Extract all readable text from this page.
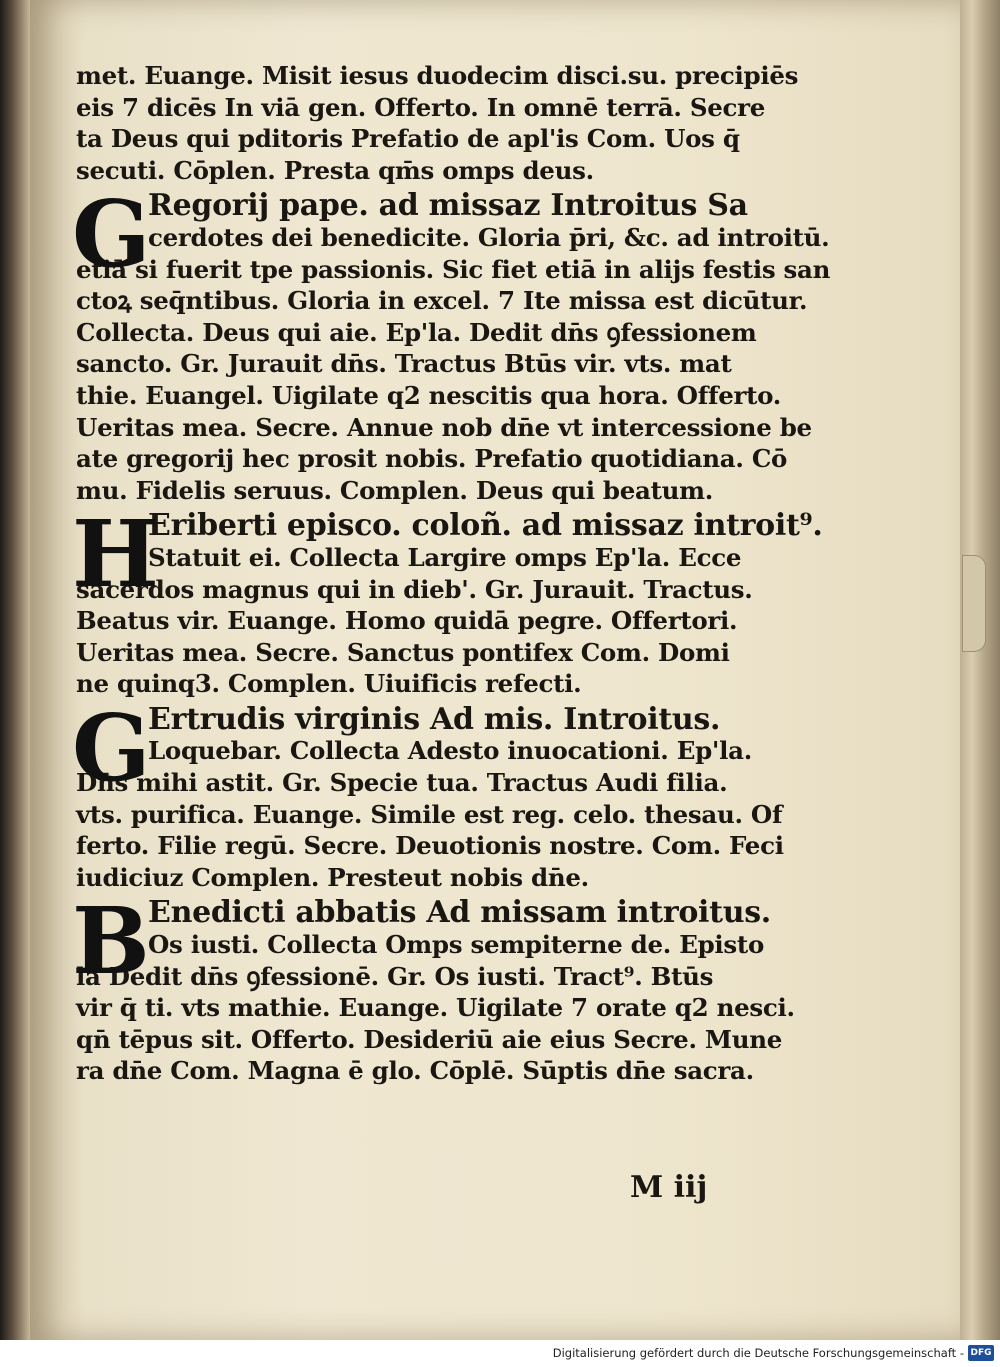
met. Euange. Misit iesus duodecim disci.su. precipiēs
eis 7 dicēs In viā gen. Offerto. In omnē terrā. Secre
ta Deus qui pditoris Prefatio de apl'is Com. Uos q̄
secuti. Cōplen. Presta qm̄s omps deus.
G
Regorij pape. ad missaz Introitus Sa
cerdotes dei benedicite. Gloria p̄ri, &c. ad introitū.
etiā si fuerit tpe passionis. Sic fiet etiā in alijs festis san
ctoꝝ seq̄ntibus. Gloria in excel. 7 Ite missa est dicūtur.
Collecta. Deus qui aie. Ep'la. Dedit dn̄s ꝯfessionem
sancto. Gr. Jurauit dn̄s. Tractus Btūs vir. vts. mat
thie. Euangel. Uigilate q2 nescitis qua hora. Offerto.
Ueritas mea. Secre. Annue nob dn̄e vt intercessione be
ate gregorij hec prosit nobis. Prefatio quotidiana. Cō
mu. Fidelis seruus. Complen. Deus qui beatum.
H
Eriberti episco. coloñ. ad missaz introit⁹.
Statuit ei. Collecta Largire omps Ep'la. Ecce
sacerdos magnus qui in dieb'. Gr. Jurauit. Tractus.
Beatus vir. Euange. Homo quidā pegre. Offertori.
Ueritas mea. Secre. Sanctus pontifex Com. Domi
ne quinq3. Complen. Uiuificis refecti.
G
Ertrudis virginis Ad mis. Introitus.
Loquebar. Collecta Adesto inuocationi. Ep'la.
Dn̄s mihi astit. Gr. Specie tua. Tractus Audi filia.
vts. purifica. Euange. Simile est reg. celo. thesau. Of
ferto. Filie regū. Secre. Deuotionis nostre. Com. Feci
iudiciuz Complen. Presteut nobis dn̄e.
B
Enedicti abbatis Ad missam introitus.
Os iusti. Collecta Omps sempiterne de. Episto
la Dedit dn̄s ꝯfessionē. Gr. Os iusti. Tract⁹. Btūs
vir q̄ ti. vts mathie. Euange. Uigilate 7 orate q2 nesci.
qn̄ tēpus sit. Offerto. Desideriū aie eius Secre. Mune
ra dn̄e Com. Magna ē glo. Cōplē. Sūptis dn̄e sacra.
M iij
Digitalisierung gefördert durch die Deutsche Forschungsgemeinschaft - DFG
